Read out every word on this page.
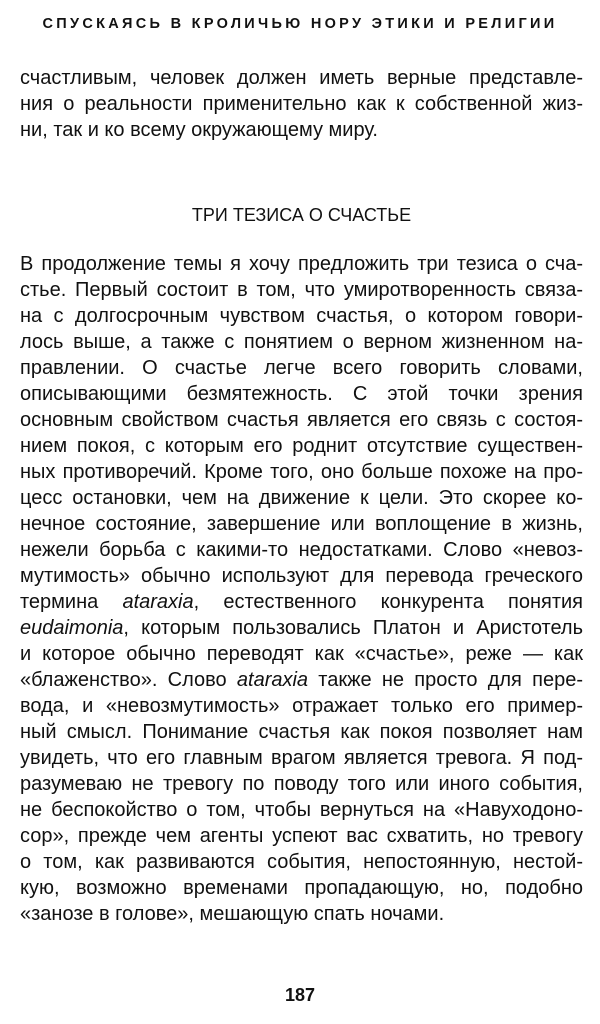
СПУСКАЯСЬ В КРОЛИЧЬЮ НОРУ ЭТИКИ И РЕЛИГИИ
счастливым, человек должен иметь верные представле-
ния о реальности применительно как к собственной жиз-
ни, так и ко всему окружающему миру.
ТРИ ТЕЗИСА О СЧАСТЬЕ
В продолжение темы я хочу предложить три тезиса о сча-
стье. Первый состоит в том, что умиротворенность связа-
на с долгосрочным чувством счастья, о котором говори-
лось выше, а также с понятием о верном жизненном на-
правлении. О счастье легче всего говорить словами,
описывающими безмятежность. С этой точки зрения
основным свойством счастья является его связь с состоя-
нием покоя, с которым его роднит отсутствие существен-
ных противоречий. Кроме того, оно больше похоже на про-
цесс остановки, чем на движение к цели. Это скорее ко-
нечное состояние, завершение или воплощение в жизнь,
нежели борьба с какими-то недостатками. Слово «невоз-
мутимость» обычно используют для перевода греческого
термина ataraxia, естественного конкурента понятия
eudaimonia, которым пользовались Платон и Аристотель
и которое обычно переводят как «счастье», реже — как
«блаженство». Слово ataraxia также не просто для пере-
вода, и «невозмутимость» отражает только его пример-
ный смысл. Понимание счастья как покоя позволяет нам
увидеть, что его главным врагом является тревога. Я под-
разумеваю не тревогу по поводу того или иного события,
не беспокойство о том, чтобы вернуться на «Навуходоно-
сор», прежде чем агенты успеют вас схватить, но тревогу
о том, как развиваются события, непостоянную, нестой-
кую, возможно временами пропадающую, но, подобно
«занозе в голове», мешающую спать ночами.
187
